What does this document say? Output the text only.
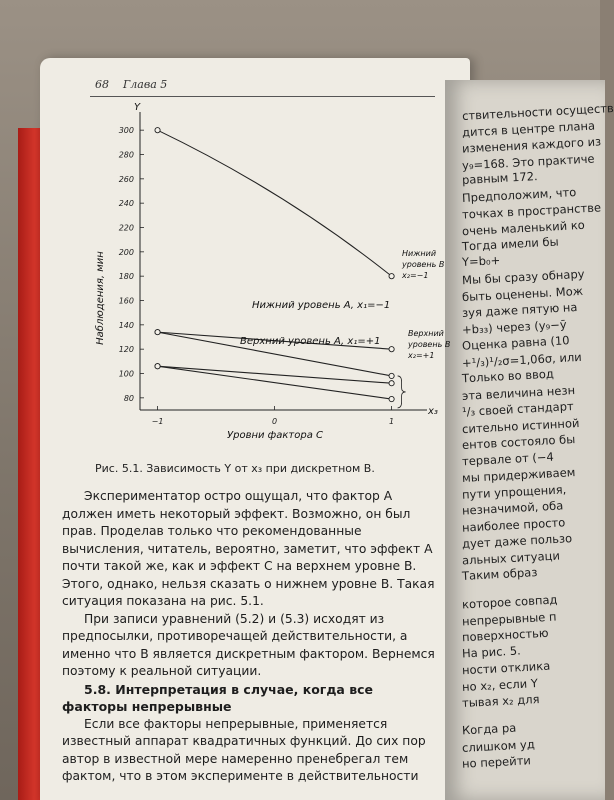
68 Глава 5
80
100
120
140
160
180
200
220
240
260
280
300
−1	0	1
Наблюдения, мин
Y
Уровни фактора C
x₃
Нижний
уровень B
x₂=−1
Нижний уровень A, x₁=−1
Верхний уровень A, x₁=+1
Верхний
уровень B
x₂=+1
Рис. 5.1. Зависимость Y от x₃ при дискретном B.

Экспериментатор остро ощущал, что фактор A должен иметь некоторый эффект. Возможно, он был прав. Проделав только что рекомендованные вычисления, читатель, вероятно, заметит, что эффект A почти такой же, как и эффект C на верхнем уровне B. Этого, однако, нельзя сказать о нижнем уровне B. Такая ситуация показана на рис. 5.1.

При записи уравнений (5.2) и (5.3) исходят из предпосылки, противоречащей действительности, а именно что B является дискретным фактором. Вернемся поэтому к реальной ситуации.

5.8. Интерпретация в случае, когда все факторы непрерывные

Если все факторы непрерывные, применяется известный аппарат квадратичных функций. До сих пор автор в известной мере намеренно пренебрегал тем фактом, что в этом эксперименте в действительности

ствительности осуществ
дится в центре плана
изменения каждого из
y₉=168. Это практиче
равным 172.
Предположим, что
точках в пространстве
очень маленький ко
Тогда имели бы
Y=b₀+
Мы бы сразу обнару
быть оценены. Мож
зуя даже пятую на
+b₃₃) через (y₉−ȳ
Оценка равна (10
+¹/₃)¹/₂σ=1,06σ, или
Только во ввод
эта величина незн
¹/₃ своей стандарт
сительно истинной
ентов состояло бы
тервале от (−4
мы придерживаем
пути упрощения,
незначимой, оба
наиболее просто
дует даже пользо
альных ситуаци
Таким образ
которое совпад
непрерывные п
поверхностью
На рис. 5.
ности отклика
но x₂, если Y
тывая x₂ для
Когда ра
слишком уд
но перейти
